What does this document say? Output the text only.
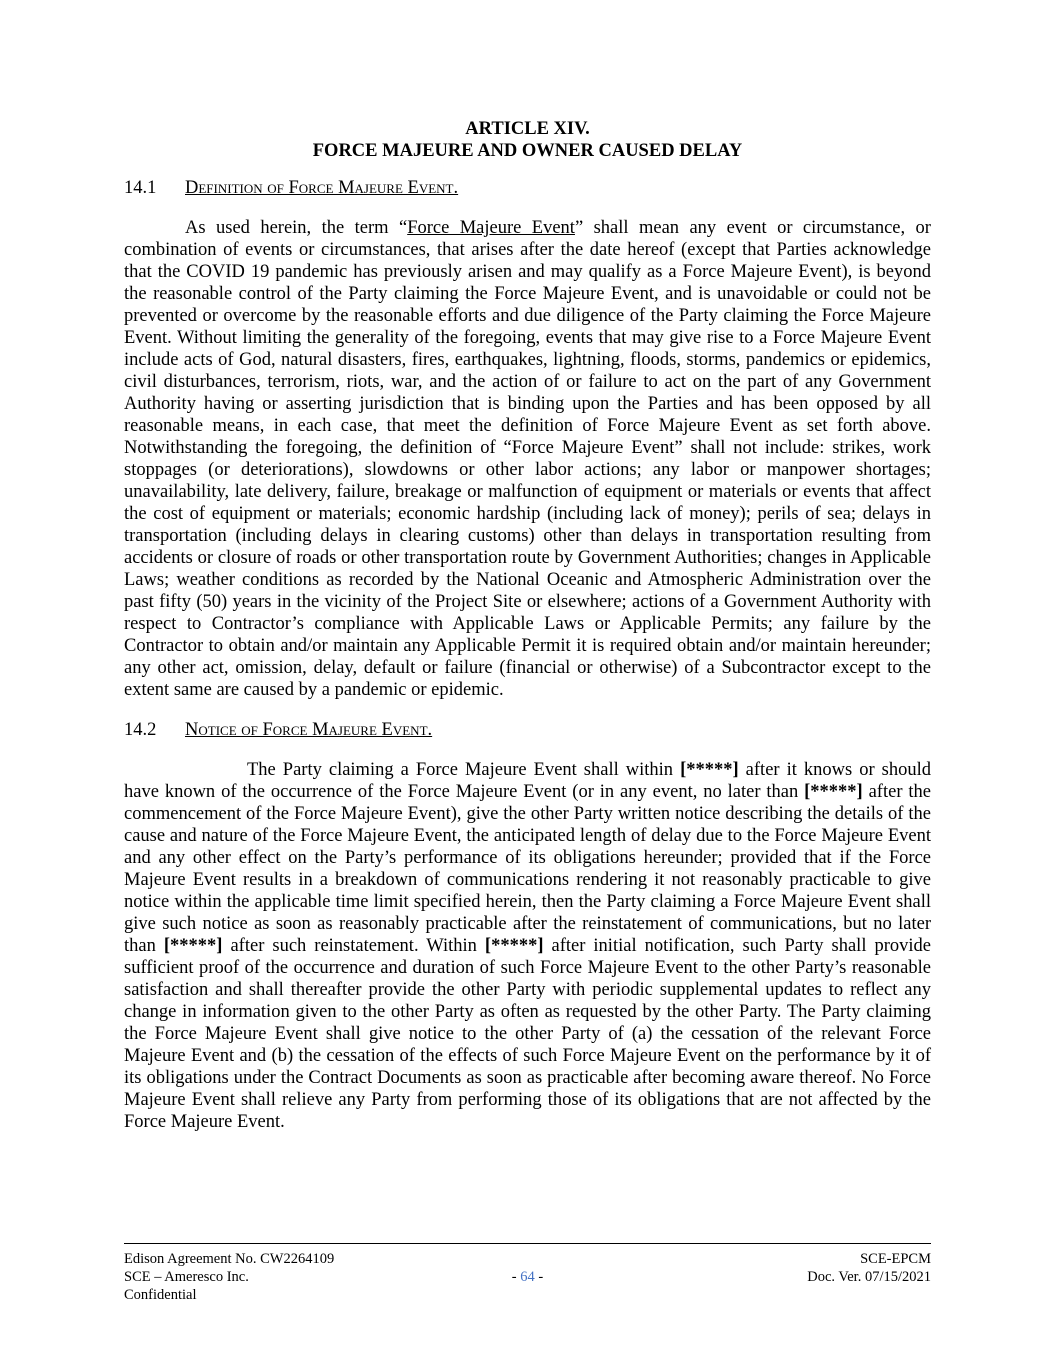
ARTICLE XIV.
FORCE MAJEURE AND OWNER CAUSED DELAY
14.1 Definition of Force Majeure Event.

As used herein, the term “Force Majeure Event” shall mean any event or circumstance, or combination of events or circumstances, that arises after the date hereof (except that Parties acknowledge that the COVID 19 pandemic has previously arisen and may qualify as a Force Majeure Event), is beyond the reasonable control of the Party claiming the Force Majeure Event, and is unavoidable or could not be prevented or overcome by the reasonable efforts and due diligence of the Party claiming the Force Majeure Event. Without limiting the generality of the foregoing, events that may give rise to a Force Majeure Event include acts of God, natural disasters, fires, earthquakes, lightning, floods, storms, pandemics or epidemics, civil disturbances, terrorism, riots, war, and the action of or failure to act on the part of any Government Authority having or asserting jurisdiction that is binding upon the Parties and has been opposed by all reasonable means, in each case, that meet the definition of Force Majeure Event as set forth above. Notwithstanding the foregoing, the definition of “Force Majeure Event” shall not include: strikes, work stoppages (or deteriorations), slowdowns or other labor actions; any labor or manpower shortages; unavailability, late delivery, failure, breakage or malfunction of equipment or materials or events that affect the cost of equipment or materials; economic hardship (including lack of money); perils of sea; delays in transportation (including delays in clearing customs) other than delays in transportation resulting from accidents or closure of roads or other transportation route by Government Authorities; changes in Applicable Laws; weather conditions as recorded by the National Oceanic and Atmospheric Administration over the past fifty (50) years in the vicinity of the Project Site or elsewhere; actions of a Government Authority with respect to Contractor’s compliance with Applicable Laws or Applicable Permits; any failure by the Contractor to obtain and/or maintain any Applicable Permit it is required obtain and/or maintain hereunder; any other act, omission, delay, default or failure (financial or otherwise) of a Subcontractor except to the extent same are caused by a pandemic or epidemic.

14.2 Notice of Force Majeure Event.

The Party claiming a Force Majeure Event shall within [*****] after it knows or should have known of the occurrence of the Force Majeure Event (or in any event, no later than [*****] after the commencement of the Force Majeure Event), give the other Party written notice describing the details of the cause and nature of the Force Majeure Event, the anticipated length of delay due to the Force Majeure Event and any other effect on the Party’s performance of its obligations hereunder; provided that if the Force Majeure Event results in a breakdown of communications rendering it not reasonably practicable to give notice within the applicable time limit specified herein, then the Party claiming a Force Majeure Event shall give such notice as soon as reasonably practicable after the reinstatement of communications, but no later than [*****] after such reinstatement. Within [*****] after initial notification, such Party shall provide sufficient proof of the occurrence and duration of such Force Majeure Event to the other Party’s reasonable satisfaction and shall thereafter provide the other Party with periodic supplemental updates to reflect any change in information given to the other Party as often as requested by the other Party. The Party claiming the Force Majeure Event shall give notice to the other Party of (a) the cessation of the relevant Force Majeure Event and (b) the cessation of the effects of such Force Majeure Event on the performance by it of its obligations under the Contract Documents as soon as practicable after becoming aware thereof. No Force Majeure Event shall relieve any Party from performing those of its obligations that are not affected by the Force Majeure Event.

Edison Agreement No. CW2264109
SCE – Ameresco Inc.
Confidential
- 64 -
SCE-EPCM
Doc. Ver. 07/15/2021
